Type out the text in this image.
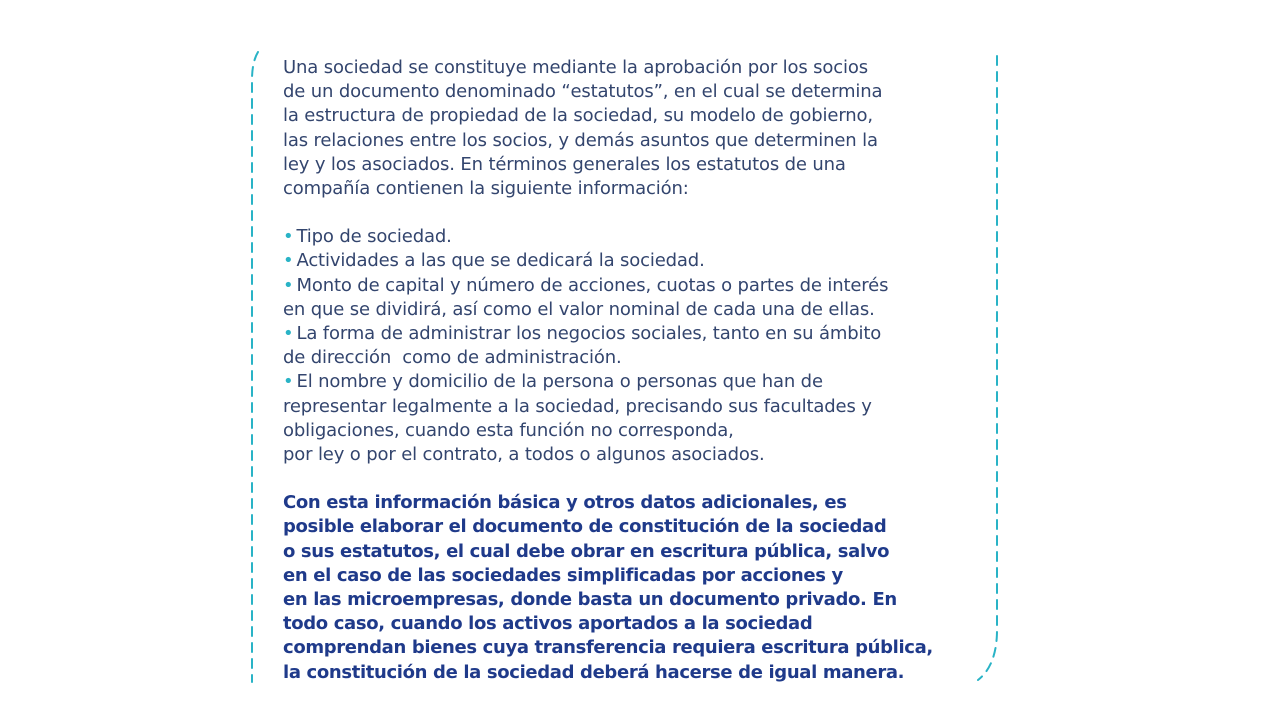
Una sociedad se constituye mediante la aprobación por los socios
de un documento denominado “estatutos”, en el cual se determina
la estructura de propiedad de la sociedad, su modelo de gobierno,
las relaciones entre los socios, y demás asuntos que determinen la
ley y los asociados. En términos generales los estatutos de una
compañía contienen la siguiente información:
• Tipo de sociedad.
• Actividades a las que se dedicará la sociedad.
• Monto de capital y número de acciones, cuotas o partes de interés
en que se dividirá, así como el valor nominal de cada una de ellas.
• La forma de administrar los negocios sociales, tanto en su ámbito
de dirección  como de administración.
• El nombre y domicilio de la persona o personas que han de
representar legalmente a la sociedad, precisando sus facultades y
obligaciones, cuando esta función no corresponda,
por ley o por el contrato, a todos o algunos asociados.
Con esta información básica y otros datos adicionales, es
posible elaborar el documento de constitución de la sociedad
o sus estatutos, el cual debe obrar en escritura pública, salvo
en el caso de las sociedades simplificadas por acciones y
en las microempresas, donde basta un documento privado. En
todo caso, cuando los activos aportados a la sociedad
comprendan bienes cuya transferencia requiera escritura pública,
la constitución de la sociedad deberá hacerse de igual manera.
